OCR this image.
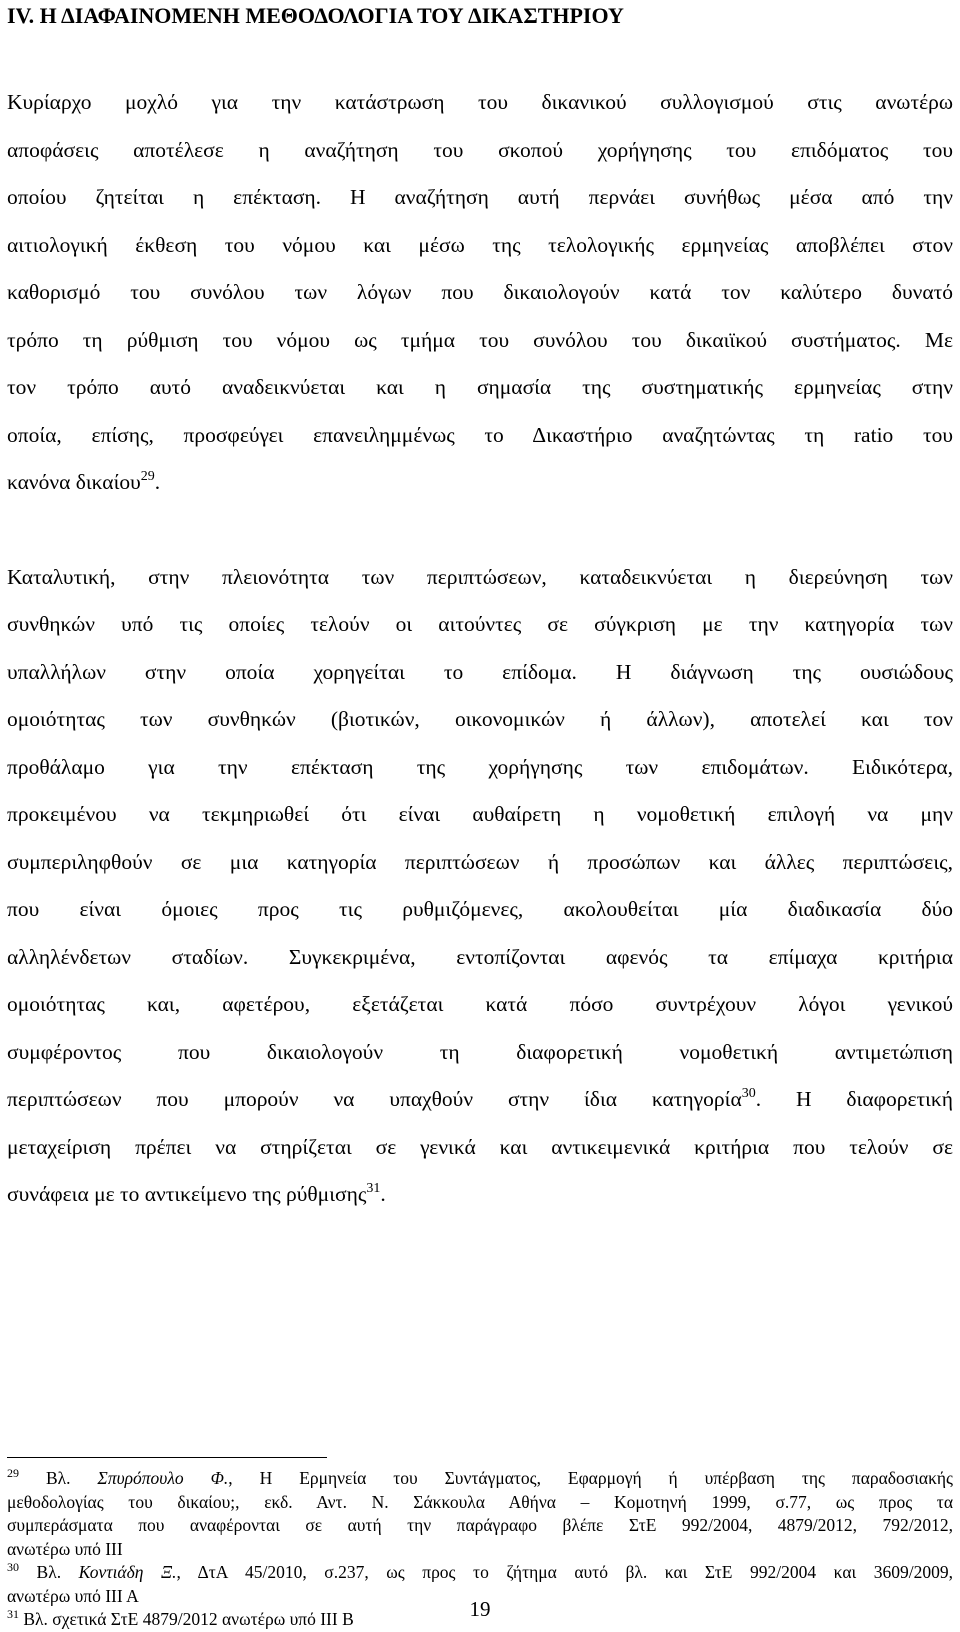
IV. Η ΔΙΑΦΑΙΝΟΜΕΝΗ ΜΕΘΟΔΟΛΟΓΙΑ ΤΟΥ ΔΙΚΑΣΤΗΡΙΟΥ

Κυρίαρχο μοχλό για την κατάστρωση του δικανικού συλλογισμού στις ανωτέρω
αποφάσεις αποτέλεσε η αναζήτηση του σκοπού χορήγησης του επιδόματος του
οποίου ζητείται η επέκταση. Η αναζήτηση αυτή περνάει συνήθως μέσα από την
αιτιολογική έκθεση του νόμου και μέσω της τελολογικής ερμηνείας αποβλέπει στον
καθορισμό του συνόλου των λόγων που δικαιολογούν κατά τον καλύτερο δυνατό
τρόπο τη ρύθμιση του νόμου ως τμήμα του συνόλου του δικαιϊκού συστήματος. Με
τον τρόπο αυτό αναδεικνύεται και η σημασία της συστηματικής ερμηνείας στην
οποία, επίσης, προσφεύγει επανειλημμένως το Δικαστήριο αναζητώντας τη ratio του
κανόνα δικαίου$^{29}$.

Καταλυτική, στην πλειονότητα των περιπτώσεων, καταδεικνύεται η διερεύνηση των
συνθηκών υπό τις οποίες τελούν οι αιτούντες σε σύγκριση με την κατηγορία των
υπαλλήλων στην οποία χορηγείται το επίδομα. Η διάγνωση της ουσιώδους
ομοιότητας των συνθηκών (βιοτικών, οικονομικών ή άλλων), αποτελεί και τον
προθάλαμο για την επέκταση της χορήγησης των επιδομάτων. Ειδικότερα,
προκειμένου να τεκμηριωθεί ότι είναι αυθαίρετη η νομοθετική επιλογή να μην
συμπεριληφθούν σε μια κατηγορία περιπτώσεων ή προσώπων και άλλες περιπτώσεις,
που είναι όμοιες προς τις ρυθμιζόμενες, ακολουθείται μία διαδικασία δύο
αλληλένδετων σταδίων. Συγκεκριμένα, εντοπίζονται αφενός τα επίμαχα κριτήρια
ομοιότητας και, αφετέρου, εξετάζεται κατά πόσο συντρέχουν λόγοι γενικού
συμφέροντος που δικαιολογούν τη διαφορετική νομοθετική αντιμετώπιση
περιπτώσεων που μπορούν να υπαχθούν στην ίδια κατηγορία$^{30}$. Η διαφορετική
μεταχείριση πρέπει να στηρίζεται σε γενικά και αντικειμενικά κριτήρια που τελούν σε
συνάφεια με το αντικείμενο της ρύθμισης$^{31}$.

$^{29}$ Βλ. Σπυρόπουλο Φ., Η Ερμηνεία του Συντάγματος, Εφαρμογή ή υπέρβαση της παραδοσιακής
μεθοδολογίας του δικαίου;, εκδ. Αντ. Ν. Σάκκουλα Αθήνα – Κομοτηνή 1999, σ.77, ως προς τα
συμπεράσματα που αναφέρονται σε αυτή την παράγραφο βλέπε ΣτΕ 992/2004, 4879/2012, 792/2012,
ανωτέρω υπό ΙΙΙ

$^{30}$ Βλ. Κοντιάδη Ξ., ΔτΑ 45/2010, σ.237, ως προς το ζήτημα αυτό βλ. και ΣτΕ 992/2004 και 3609/2009,
ανωτέρω υπό ΙΙΙ Α

$^{31}$ Βλ. σχετικά ΣτΕ 4879/2012 ανωτέρω υπό ΙΙΙ Β	19
